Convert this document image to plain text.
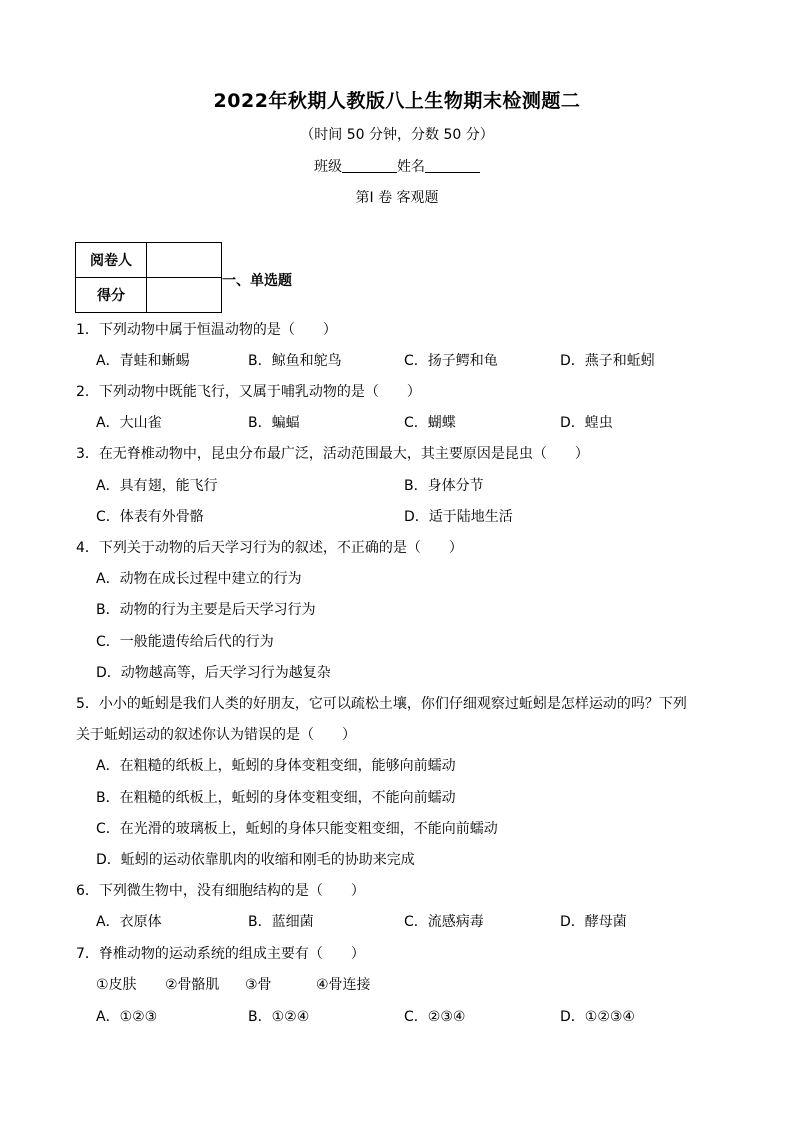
2022年秋期人教版八上生物期末检测题二
（时间 50 分钟，分数 50 分）
班级	姓名
第Ⅰ 卷 客观题
阅卷人	
得分	
一、单选题
1．下列动物中属于恒温动物的是（　　）
A．青蛙和蜥蜴	B．鲸鱼和鸵鸟	C．扬子鳄和龟	D．燕子和蚯蚓
2．下列动物中既能飞行，又属于哺乳动物的是（　　）
A．大山雀	B．蝙蝠	C．蝴蝶	D．蝗虫
3．在无脊椎动物中，昆虫分布最广泛，活动范围最大，其主要原因是昆虫（　　）
A．具有翅，能飞行	B．身体分节
C．体表有外骨骼	D．适于陆地生活
4．下列关于动物的后天学习行为的叙述，不正确的是（　　）
A．动物在成长过程中建立的行为
B．动物的行为主要是后天学习行为
C．一般能遗传给后代的行为
D．动物越高等，后天学习行为越复杂
5．小小的蚯蚓是我们人类的好朋友，它可以疏松土壤，你们仔细观察过蚯蚓是怎样运动的吗？下列
关于蚯蚓运动的叙述你认为错误的是（　　）
A．在粗糙的纸板上，蚯蚓的身体变粗变细，能够向前蠕动
B．在粗糙的纸板上，蚯蚓的身体变粗变细，不能向前蠕动
C．在光滑的玻璃板上，蚯蚓的身体只能变粗变细，不能向前蠕动
D．蚯蚓的运动依靠肌肉的收缩和刚毛的协助来完成
6．下列微生物中，没有细胞结构的是（　　）
A．衣原体	B．蓝细菌	C．流感病毒	D．酵母菌
7．脊椎动物的运动系统的组成主要有（　　）
①皮肤 ②骨骼肌 ③骨	④骨连接
A．①②③	B．①②④	C．②③④	D．①②③④
